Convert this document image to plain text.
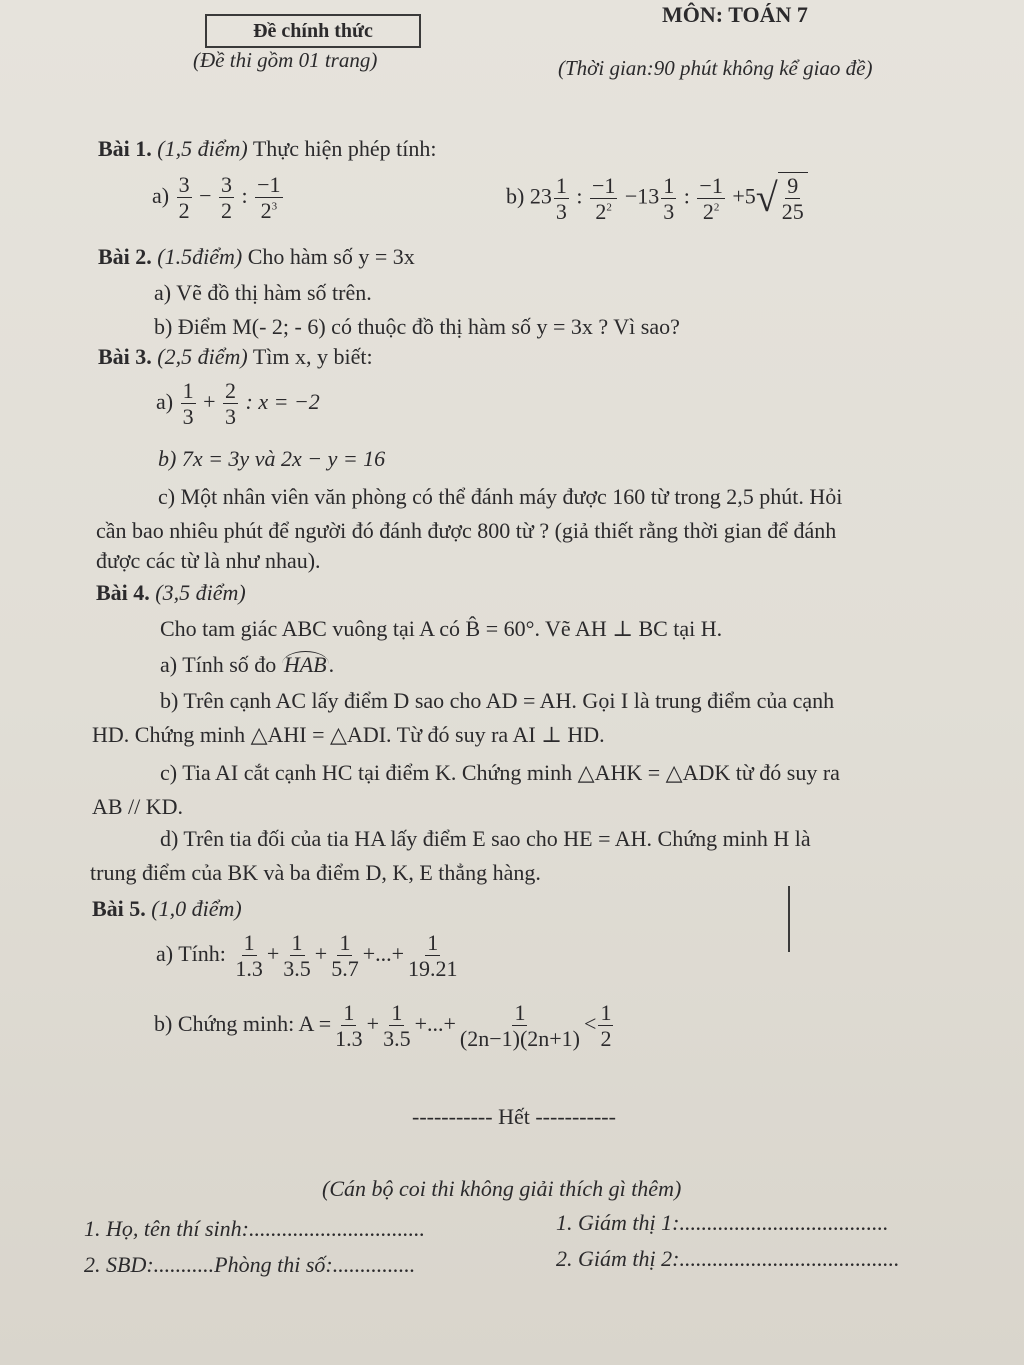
Đề chính thức
(Đề thi gồm 01 trang)
MÔN: TOÁN 7
(Thời gian:90 phút không kể giao đề)
Bài 1. (1,5 điểm) Thực hiện phép tính:
$a) \frac{3}{2} - \frac{3}{2}$ : $\frac{-1}{2^3}$	b) $23 \frac{1}{3}$ : $\frac{-1}{2^2} -13 \frac{1}{3}$ : $\frac{-1}{2^2} +5$ √ $\frac{9}{25}$
Bài 2. (1.5điểm) Cho hàm số y = 3x
a) Vẽ đồ thị hàm số trên.
b) Điểm M(- 2; - 6) có thuộc đồ thị hàm số y = 3x ? Vì sao?
Bài 3. (2,5 điểm) Tìm x, y biết:
$a) \frac{1}{3} + \frac{2}{3}$ : x = −2
b) 7x = 3y và 2x − y = 16
c) Một nhân viên văn phòng có thể đánh máy được 160 từ trong 2,5 phút. Hỏi
cần bao nhiêu phút để người đó đánh được 800 từ ? (giả thiết rằng thời gian để đánh
được các từ là như nhau).
Bài 4. (3,5 điểm)
Cho tam giác ABC vuông tại A có B̂ = 60°. Vẽ AH ⊥ BC tại H.
a) Tính số đo HAB.
b) Trên cạnh AC lấy điểm D sao cho AD = AH. Gọi I là trung điểm của cạnh
HD. Chứng minh △AHI = △ADI. Từ đó suy ra AI ⊥ HD.
c) Tia AI cắt cạnh HC tại điểm K. Chứng minh △AHK = △ADK từ đó suy ra
AB // KD.
d) Trên tia đối của tia HA lấy điểm E sao cho HE = AH. Chứng minh H là
trung điểm của BK và ba điểm D, K, E thẳng hàng.
Bài 5. (1,0 điểm)
a) Tính: $\frac{1}{1.3} + \frac{1}{3.5} + \frac{1}{5.7}$ +...+ $\frac{1}{19.21}$
b) Chứng minh: $A = \frac{1}{1.3} + \frac{1}{3.5}$ +...+ $\frac{1}{(2n-1)(2n+1)} < \frac{1}{2}$
----------- Hết -----------
(Cán bộ coi thi không giải thích gì thêm)
1. Họ, tên thí sinh:................................
2. SBD:...........Phòng thi số:...............
1. Giám thị 1:......................................
2. Giám thị 2:........................................
